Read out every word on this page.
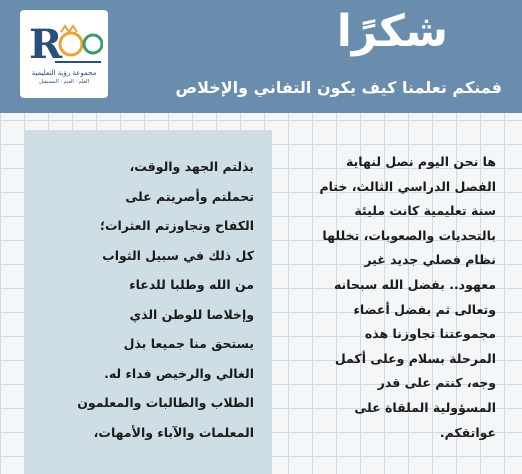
R
مجموعة رؤية التعليمية
العلم · القيم · المستقبل
شكرًا
فمنكم تعلمنا كيف يكون التفاني والإخلاص
بذلتم الجهد والوقت،
تحملتم وأصريتم على
الكفاح وتجاوزتم العثرات؛
كل ذلك في سبيل الثواب
من الله وطلبا للدعاء
وإخلاصا للوطن الذي
يستحق منا جميعا بذل
الغالي والرخيص فداء له.
الطلاب والطالبات والمعلمون
المعلمات والآباء والأمهات،
ها نحن اليوم نصل لنهاية
الفصل الدراسي الثالث، ختام
سنة تعليمية كانت مليئة
بالتحديات والصعوبات، تخللها
نظام فصلي جديد غير
معهود.. بفضل الله سبحانه
وتعالى ثم بفضل أعضاء
مجموعتنا تجاوزنا هذه
المرحلة بسلام وعلى أكمل
وجه، كنتم على قدر
المسؤولية الملقاة على
عواتقكم.
